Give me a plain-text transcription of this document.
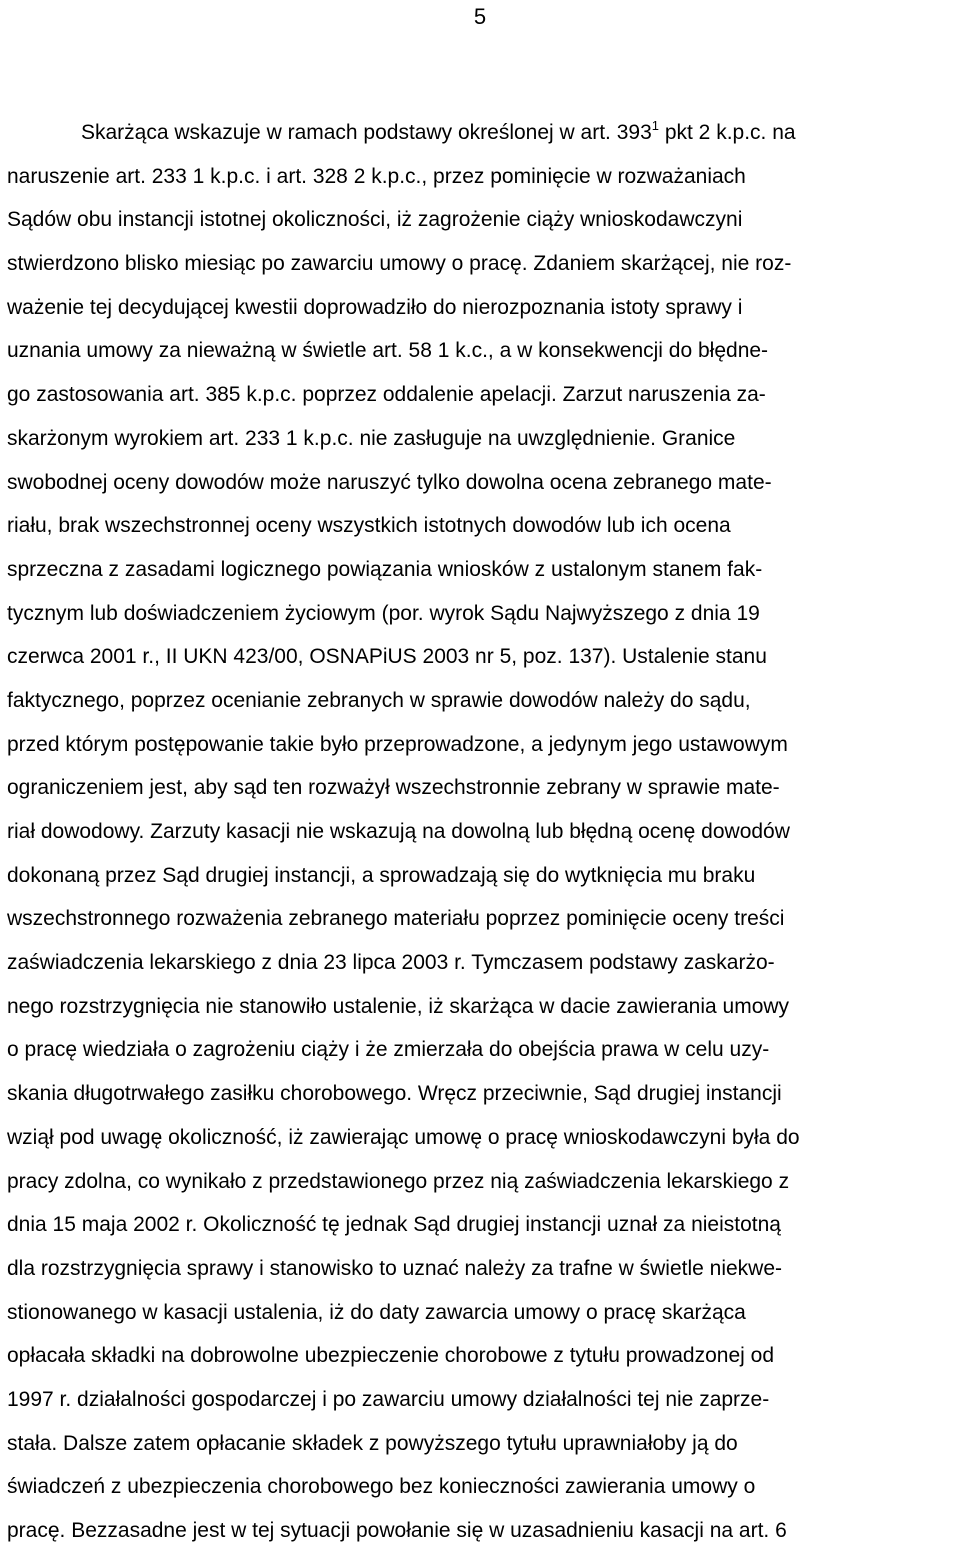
5
Skarżąca wskazuje w ramach podstawy określonej w art. $393^1$ pkt 2 k.p.c. na
naruszenie art. 233 1 k.p.c. i art. 328 2 k.p.c., przez pominięcie w rozważaniach
Sądów obu instancji istotnej okoliczności, iż zagrożenie ciąży wnioskodawczyni
stwierdzono blisko miesiąc po zawarciu umowy o pracę. Zdaniem skarżącej, nie roz-
ważenie tej decydującej kwestii doprowadziło do nierozpoznania istoty sprawy i
uznania umowy za nieważną w świetle art. 58 1 k.c., a w konsekwencji do błędne-
go zastosowania art. 385 k.p.c. poprzez oddalenie apelacji. Zarzut naruszenia za-
skarżonym wyrokiem art. 233 1 k.p.c. nie zasługuje na uwzględnienie. Granice
swobodnej oceny dowodów może naruszyć tylko dowolna ocena zebranego mate-
riału, brak wszechstronnej oceny wszystkich istotnych dowodów lub ich ocena
sprzeczna z zasadami logicznego powiązania wniosków z ustalonym stanem fak-
tycznym lub doświadczeniem życiowym (por. wyrok Sądu Najwyższego z dnia 19
czerwca 2001 r., II UKN 423/00, OSNAPiUS 2003 nr 5, poz. 137). Ustalenie stanu
faktycznego, poprzez ocenianie zebranych w sprawie dowodów należy do sądu,
przed którym postępowanie takie było przeprowadzone, a jedynym jego ustawowym
ograniczeniem jest, aby sąd ten rozważył wszechstronnie zebrany w sprawie mate-
riał dowodowy. Zarzuty kasacji nie wskazują na dowolną lub błędną ocenę dowodów
dokonaną przez Sąd drugiej instancji, a sprowadzają się do wytknięcia mu braku
wszechstronnego rozważenia zebranego materiału poprzez pominięcie oceny treści
zaświadczenia lekarskiego z dnia 23 lipca 2003 r. Tymczasem podstawy zaskarżo-
nego rozstrzygnięcia nie stanowiło ustalenie, iż skarżąca w dacie zawierania umowy
o pracę wiedziała o zagrożeniu ciąży i że zmierzała do obejścia prawa w celu uzy-
skania długotrwałego zasiłku chorobowego. Wręcz przeciwnie, Sąd drugiej instancji
wziął pod uwagę okoliczność, iż zawierając umowę o pracę wnioskodawczyni była do
pracy zdolna, co wynikało z przedstawionego przez nią zaświadczenia lekarskiego z
dnia 15 maja 2002 r. Okoliczność tę jednak Sąd drugiej instancji uznał za nieistotną
dla rozstrzygnięcia sprawy i stanowisko to uznać należy za trafne w świetle niekwe-
stionowanego w kasacji ustalenia, iż do daty zawarcia umowy o pracę skarżąca
opłacała składki na dobrowolne ubezpieczenie chorobowe z tytułu prowadzonej od
1997 r. działalności gospodarczej i po zawarciu umowy działalności tej nie zaprze-
stała. Dalsze zatem opłacanie składek z powyższego tytułu uprawniałoby ją do
świadczeń z ubezpieczenia chorobowego bez konieczności zawierania umowy o
pracę. Bezzasadne jest w tej sytuacji powołanie się w uzasadnieniu kasacji na art. 6
